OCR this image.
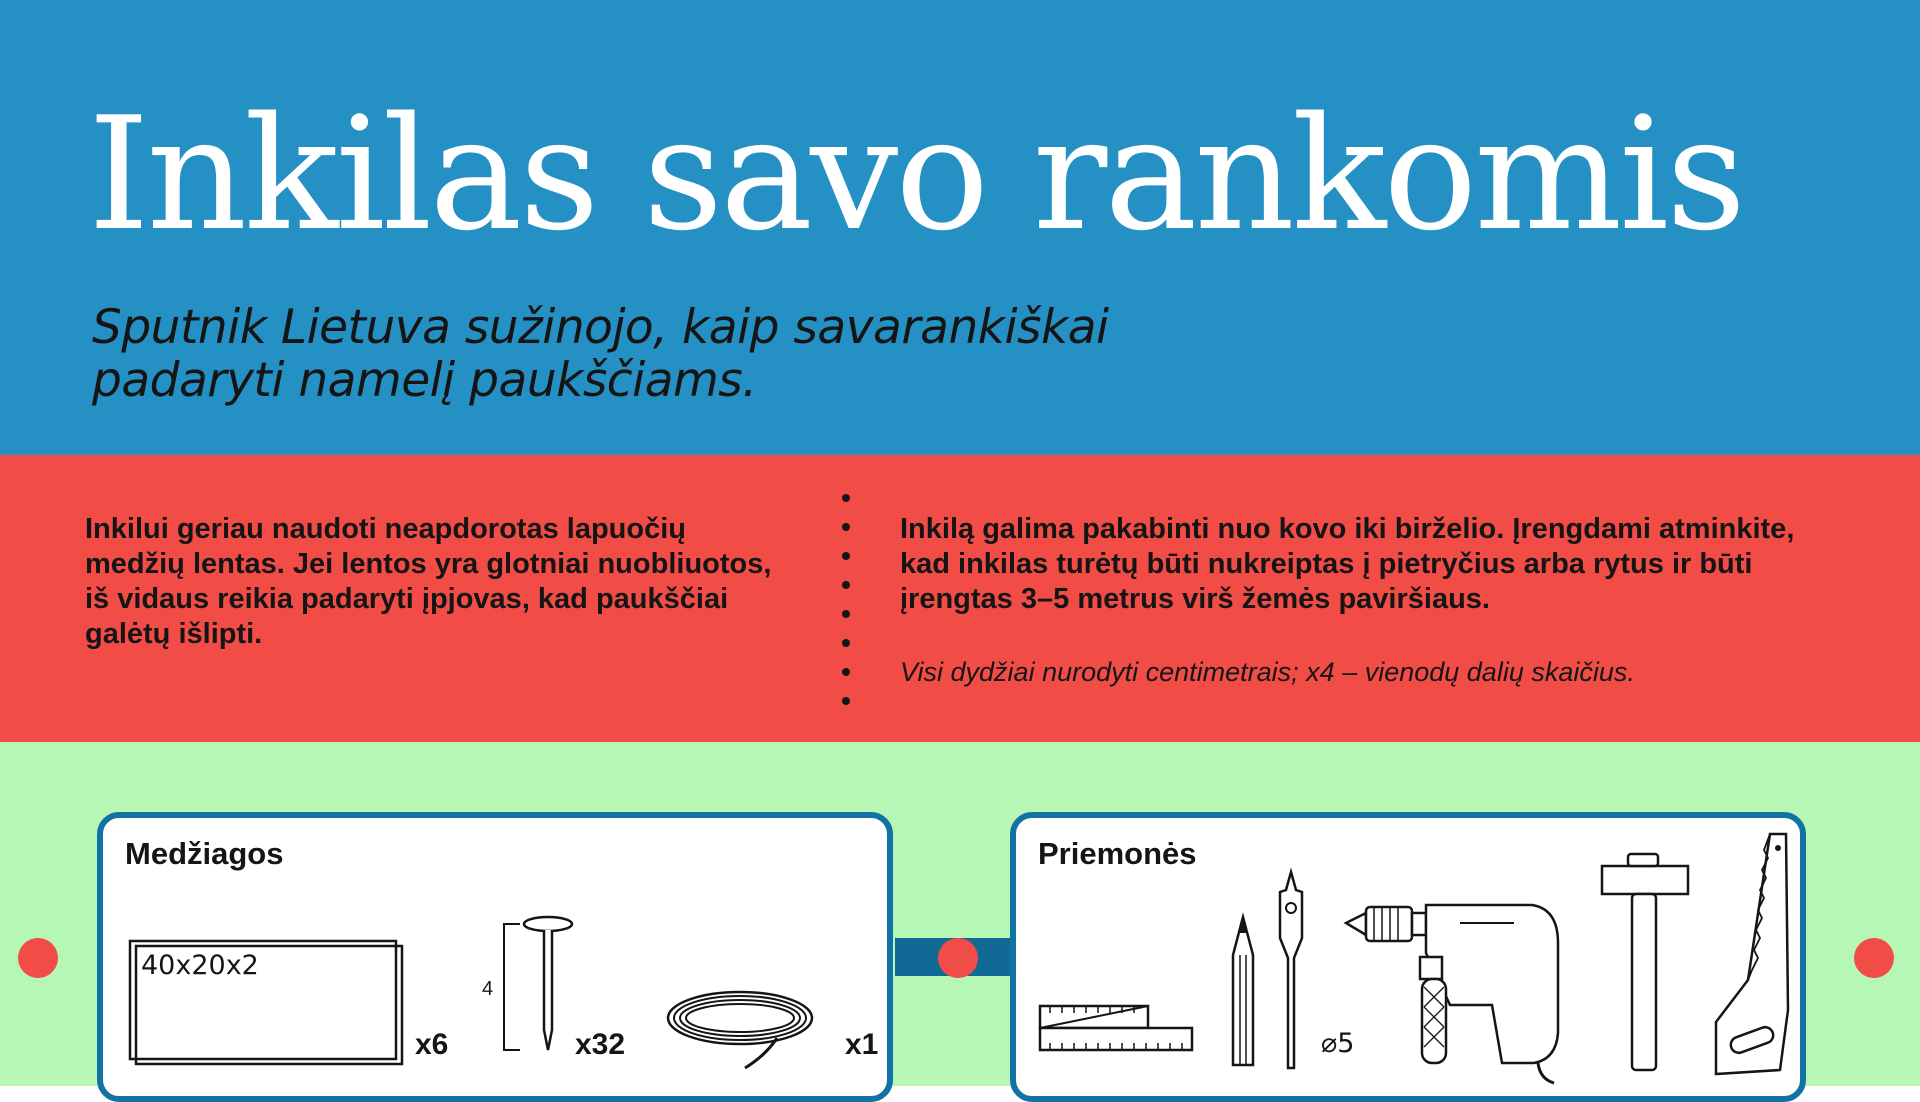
Inkilas savo rankomis

Sputnik Lietuva sužinojo, kaip savarankiškai

padaryti namelį paukščiams.

Inkilui geriau naudoti neapdorotas lapuočių
medžių lentas. Jei lentos yra glotniai nuobliuotos,
iš vidaus reikia padaryti įpjovas, kad paukščiai
galėtų išlipti.
Inkilą galima pakabinti nuo kovo iki birželio. Įrengdami atminkite,
kad inkilas turėtų būti nukreiptas į pietryčius arba rytus ir būti
įrengtas 3–5 metrus virš žemės paviršiaus.

Visi dydžiai nurodyti centimetrais; x4 – vienodų dalių skaičius.

Medžiagos

40x20x2
x6
4
x32	x1

Priemonės

⌀5
